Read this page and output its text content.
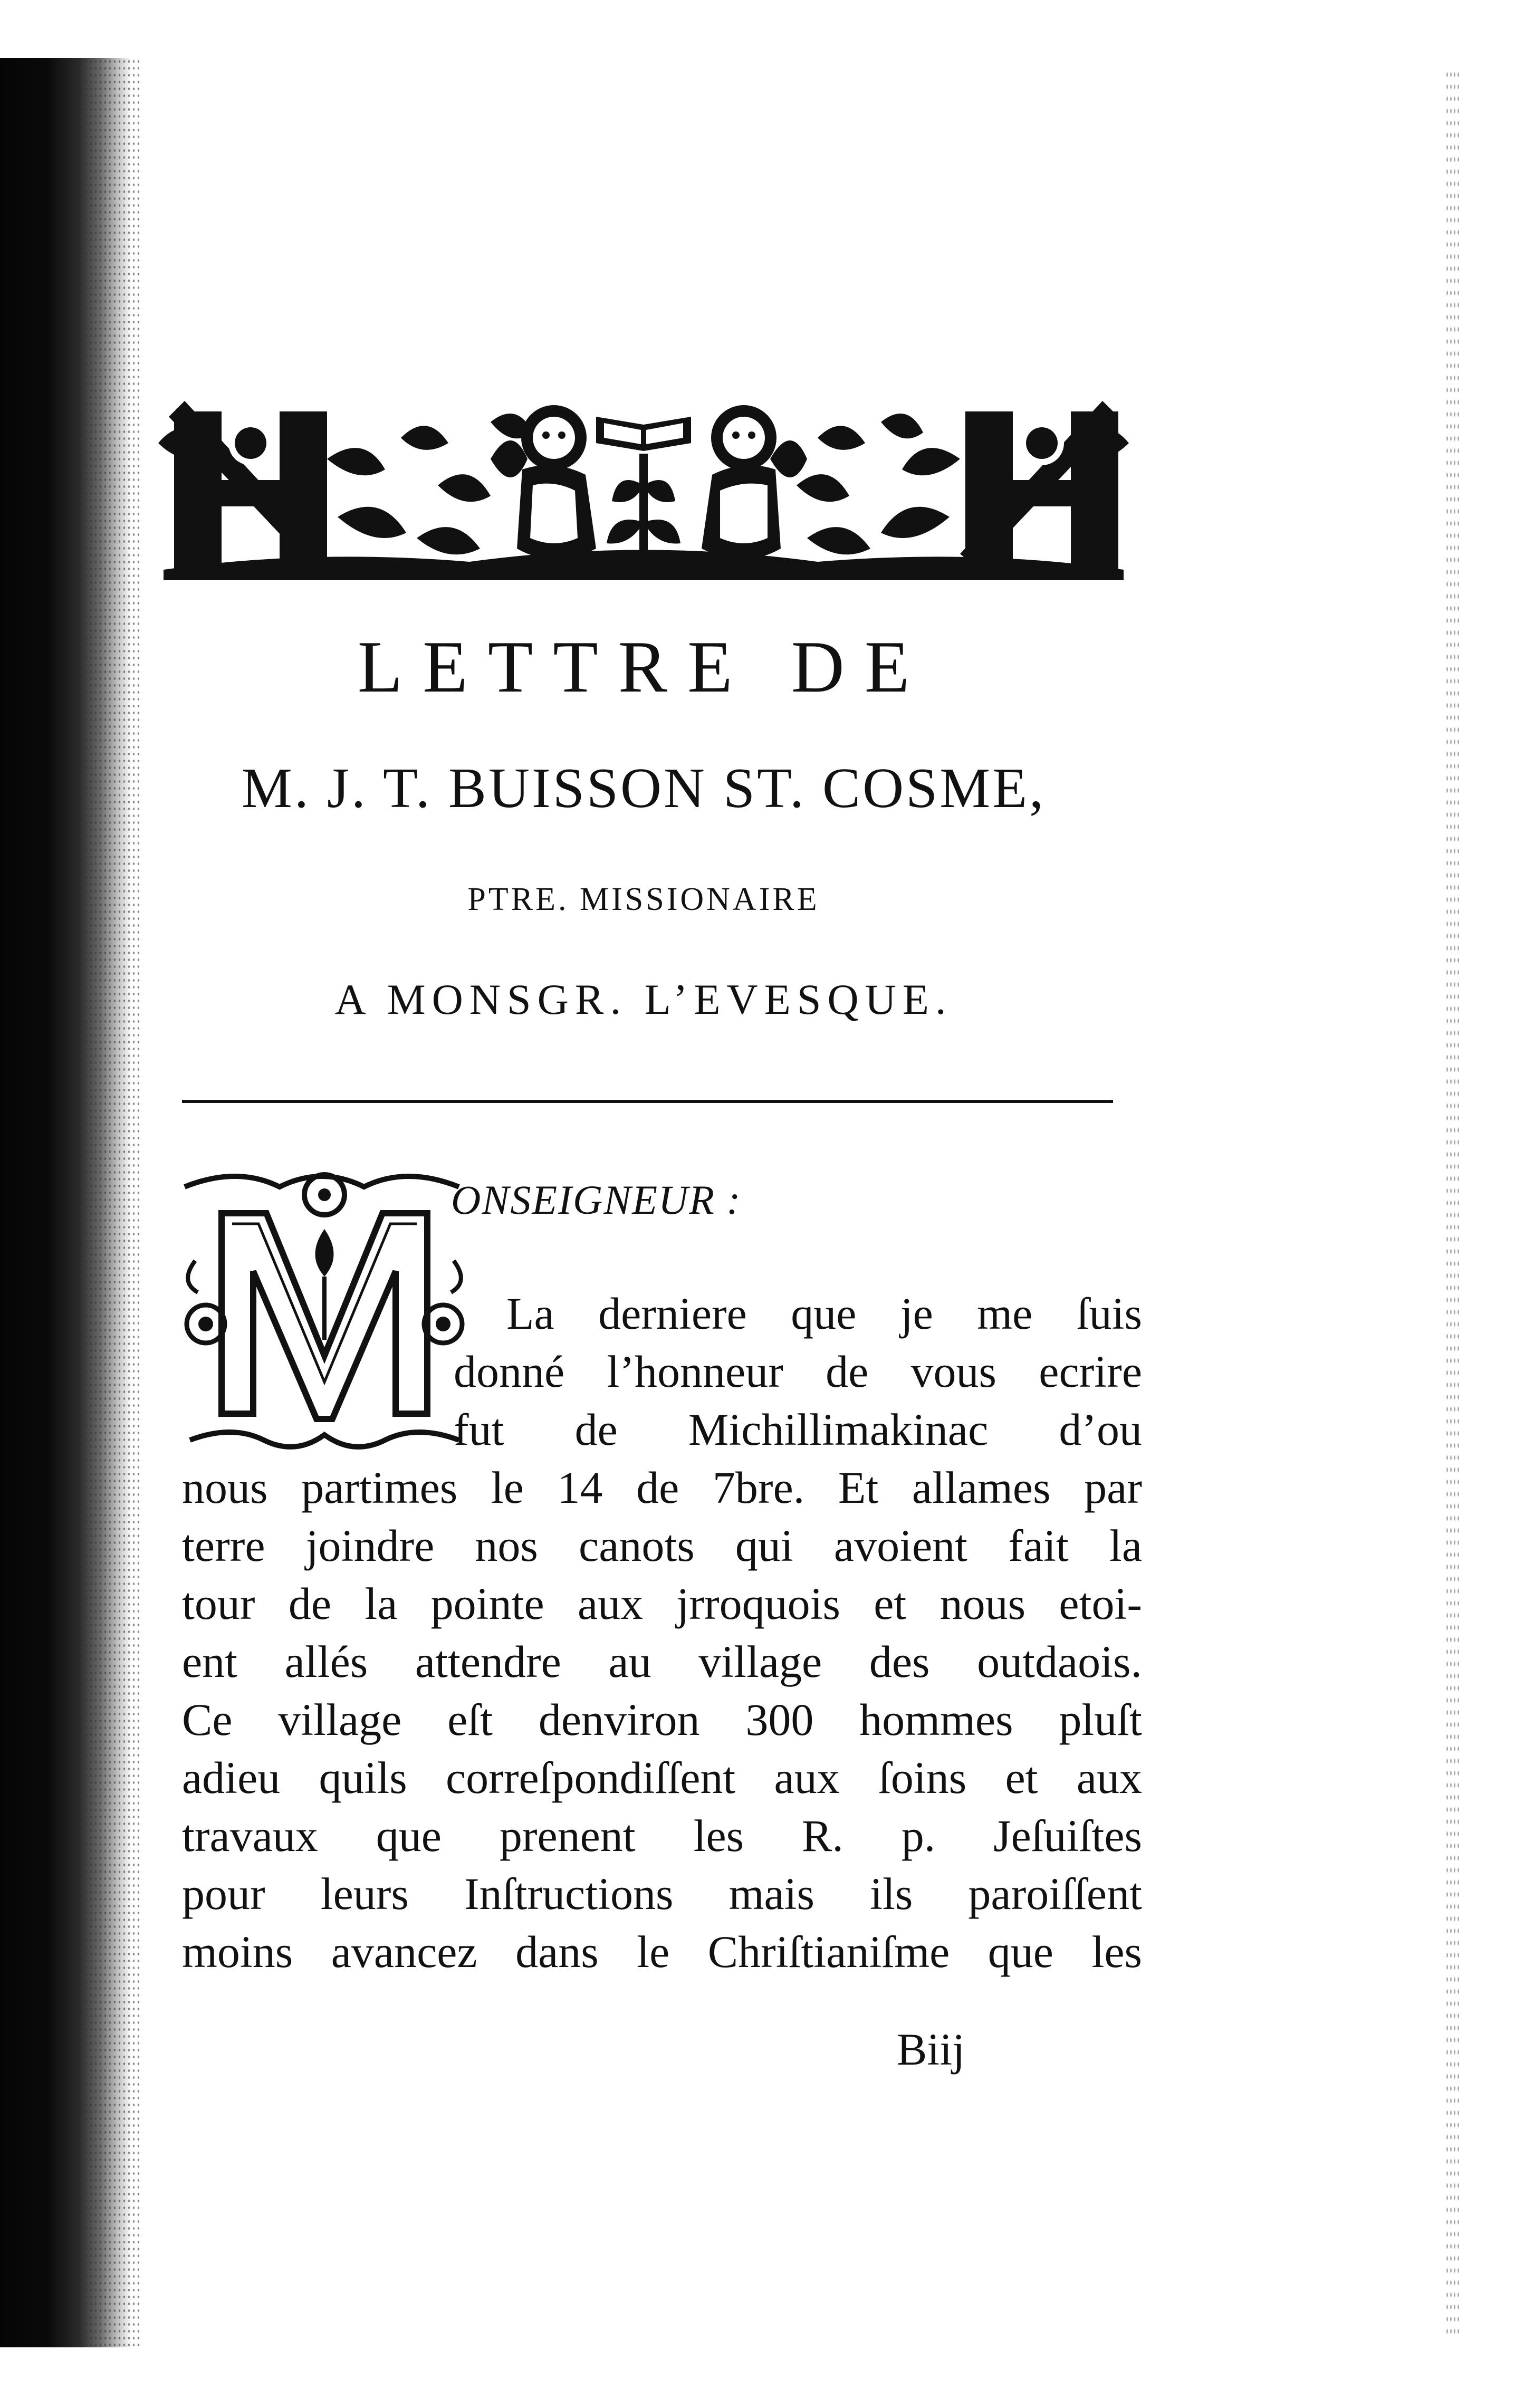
LETTRE DE
M. J. T. BUISSON ST. COSME,
PTRE. MISSIONAIRE
A MONSGR. L’EVESQUE.
M
ONSEIGNEUR :
La derniere que je me ſuis
donné l’honneur de vous ecrire
fut de Michillimakinac d’ou
nous partimes le 14 de 7bre. Et allames par
terre joindre nos canots qui avoient fait la
tour de la pointe aux jrroquois et nous etoi-
ent allés attendre au village des outdaois.
Ce village eſt denviron 300 hommes pluſt
adieu quils correſpondiſſent aux ſoins et aux
travaux que prenent les R. p. Jeſuiſtes
pour leurs Inſtructions mais ils paroiſſent
moins avancez dans le Chriſtianiſme que les
Biij
